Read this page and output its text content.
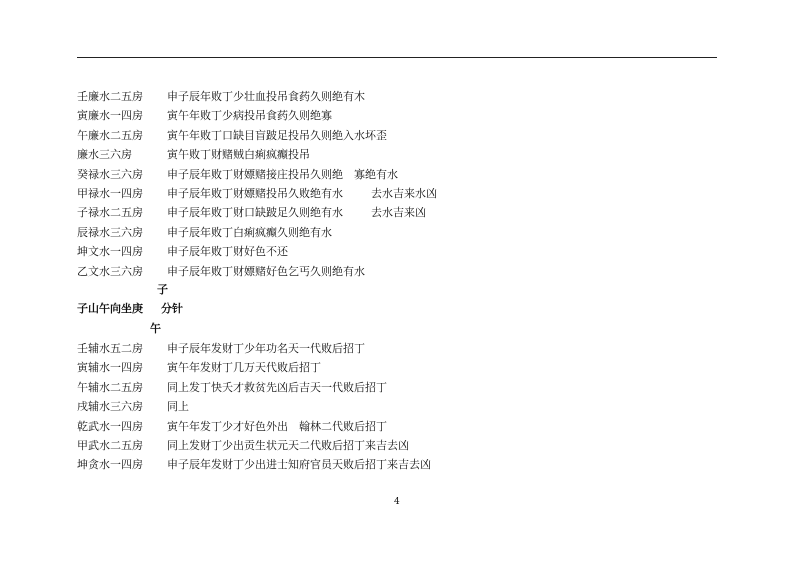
壬廉水二五房 申子辰年败丁少壮血投吊食药久则绝有木
寅廉水一四房 寅午年败丁少病投吊食药久则绝寡
午廉水二五房 寅午年败丁口缺目盲跛足投吊久则绝入水坏歪
廉水三六房	寅午败丁财赌贼白痢疯癫投吊
癸禄水三六房 申子辰年败丁财嫖赌接庄投吊久则绝　寡绝有水
甲禄水一四房 申子辰年败丁财嫖赌投吊久败绝有水	去水吉来水凶
子禄水二五房 申子辰年败丁财口缺跛足久则绝有水	去水吉来凶
辰禄水三六房 申子辰年败丁白痢疯癫久则绝有水
坤文水一四房 申子辰年败丁财好色不还
乙文水三六房 申子辰年败丁财嫖赌好色乞丐久则绝有水
子
子山午向坐庚 分针
午
壬辅水五二房 申子辰年发财丁少年功名天一代败后招丁
寅辅水一四房 寅午年发财丁几万天代败后招丁
午辅水二五房 同上发丁快夭才救贫先凶后吉天一代败后招丁
戌辅水三六房 同上
乾武水一四房 寅午年发丁少才好色外出　翰林二代败后招丁
甲武水二五房 同上发财丁少出贡生状元天二代败后招丁来吉去凶
坤贪水一四房 申子辰年发财丁少出进士知府官员天败后招丁来吉去凶
4
